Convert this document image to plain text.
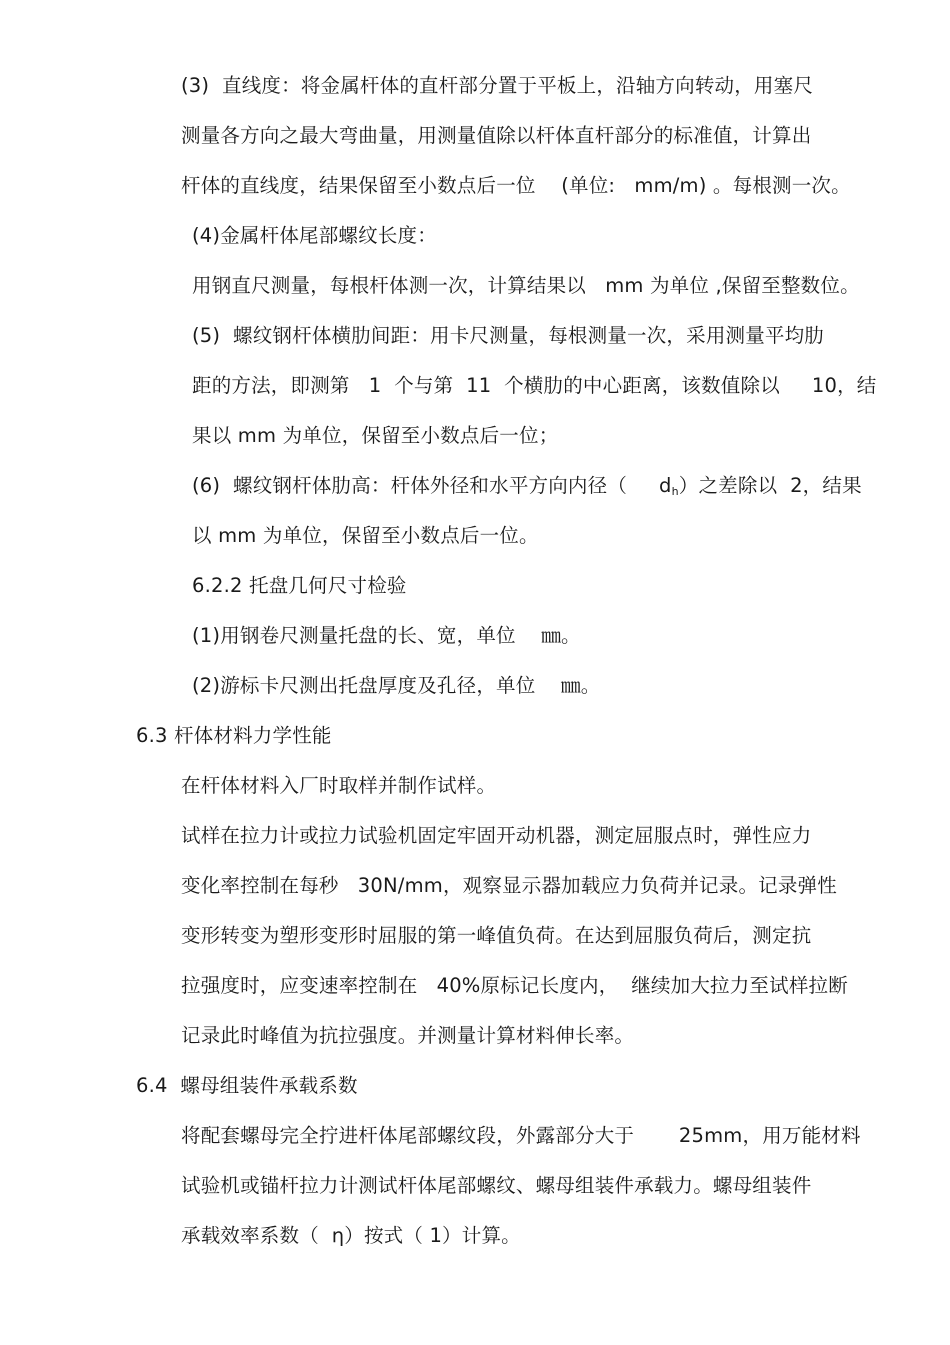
(3)  直线度：将金属杆体的直杆部分置于平板上，沿轴方向转动，用塞尺
测量各方向之最大弯曲量，用测量值除以杆体直杆部分的标准值，计算出
杆体的直线度，结果保留至小数点后一位    (单位:   mm/m) 。每根测一次。
(4)金属杆体尾部螺纹长度：
用钢直尺测量，每根杆体测一次，计算结果以   mm 为单位 ,保留至整数位。
(5)  螺纹钢杆体横肋间距：用卡尺测量，每根测量一次，采用测量平均肋
距的方法，即测第   1  个与第  11  个横肋的中心距离，该数值除以     10，结
果以 mm 为单位，保留至小数点后一位；
(6)  螺纹钢杆体肋高：杆体外径和水平方向内径（     $d_h$）之差除以  2，结果
以 mm 为单位，保留至小数点后一位。
6.2.2 托盘几何尺寸检验
(1)用钢卷尺测量托盘的长、宽，单位    ㎜。
(2)游标卡尺测出托盘厚度及孔径，单位    ㎜。
6.3 杆体材料力学性能
在杆体材料入厂时取样并制作试样。
试样在拉力计或拉力试验机固定牢固开动机器，测定屈服点时，弹性应力
变化率控制在每秒   30N/mm，观察显示器加载应力负荷并记录。记录弹性
变形转变为塑形变形时屈服的第一峰值负荷。在达到屈服负荷后，测定抗
拉强度时，应变速率控制在   40%原标记长度内，  继续加大拉力至试样拉断
记录此时峰值为抗拉强度。并测量计算材料伸长率。
6.4  螺母组装件承载系数
将配套螺母完全拧进杆体尾部螺纹段，外露部分大于       25mm，用万能材料
试验机或锚杆拉力计测试杆体尾部螺纹、螺母组装件承载力。螺母组装件
承载效率系数（  η）按式（ 1）计算。
